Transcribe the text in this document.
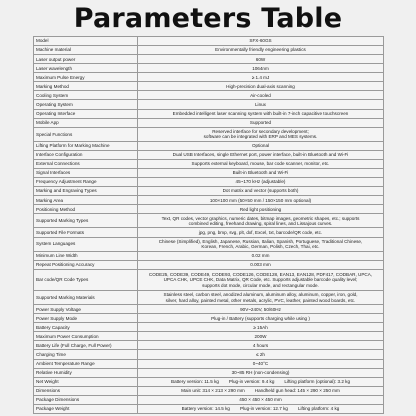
Parameters Table
Model	SFX-60GS

Machine material	Environmentally friendly engineering plastics

Laser output power	60W

Laser wavelength	1064nm

Maximum Pulse Energy	≥ 1.4 mJ

Marking Method	High-precision dual-axis scanning

Cooling System	Air-cooled

Operating System	Linux

Operating Interface	Embedded intelligent laser scanning system with built-in 7-inch capacitive touchscreen

Mobile App	Supported

Special Functions	Reserved interface for secondary development;
software can be integrated with ERP and MES systems.

Lifting Platform for Marking Machine	Optional

Interface Configuration	Dual USB Interfaces, single Ethernet port, power interface, built-in Bluetooth and Wi-Fi

External Connections	Supports external keyboard, mouse, bar code scanner, monitor, etc.

Signal Interfaces	Built-in Bluetooth and Wi-Fi

Frequency Adjustment Range	45~170 kHz (adjustable)

Marking and Engraving Types	Dot matrix and vector (supports both)

Marking Area	100×100 mm (50×50 mm / 150×150 mm optional)

Positioning Method	Red light positioning

Supported Marking Types	Text, QR codes, vector graphics, numeric dates, bitmap images, geometric shapes, etc.; supports
combined editing, freehand drawing, spiral lines, and Lissajous curves.

Supported File Formats	jpg, png, bmp, svg, plt, dxf, Excel, txt, barcode/QR code, etc.

System Languages	Chinese (Simplified), English, Japanese, Russian, Italian, Spanish, Portuguese, Traditional Chinese,
Korean, French, Arabic, German, Polish, Czech, Thai, etc.

Minimum Line Width	0.02 mm

Repeat Positioning Accuracy	0.003 mm

Bar code/QR Code Types	CODE25, CODE39, CODE49, CODE93, CODE126, CODE128, EAN13, EAN128, PDF417, CODBAR, UPCA,
UPCA CHK, UPCE CHK, Data Matrix, QR Code, etc. Supports adjustable barcode quality level;
supports dot mode, circular mode, and rectangular mode.

Supported Marking Materials	Stainless steel, carbon steel, anodized aluminum, aluminum alloy, aluminum, copper, iron, gold,
silver, hard alloy, painted metal, other metals, acrylic, PVC, leather, painted wood boards, etc.

Power Supply Voltage	90V~240V, 50/60Hz

Power Supply Mode	Plug-in / Battery (supports charging while using )

Battery Capacity	≥ 15Ah

Maximum Power Consumption	200W

Battery Life (Full Charge, Full Power)	4 hours

Charging Time	≤ 2h

Ambient Temperature Range	0~40°C

Relative Humidity	30~85 RH (non-condensing)

Net Weight	Battery version: 11.5 kg Plug-in version: 9.4 kg Lifting platform (optional): 3.2 kg
Dimensions	Main unit: 314 × 213 × 290 mm Handheld gun head: 145 × 290 × 250 mm
Package Dimensions	450 × 450 × 450 mm

Package Weight	Battery version: 14.5 kg Plug-in version: 12.7 kg Lifting platform: 4 kg
